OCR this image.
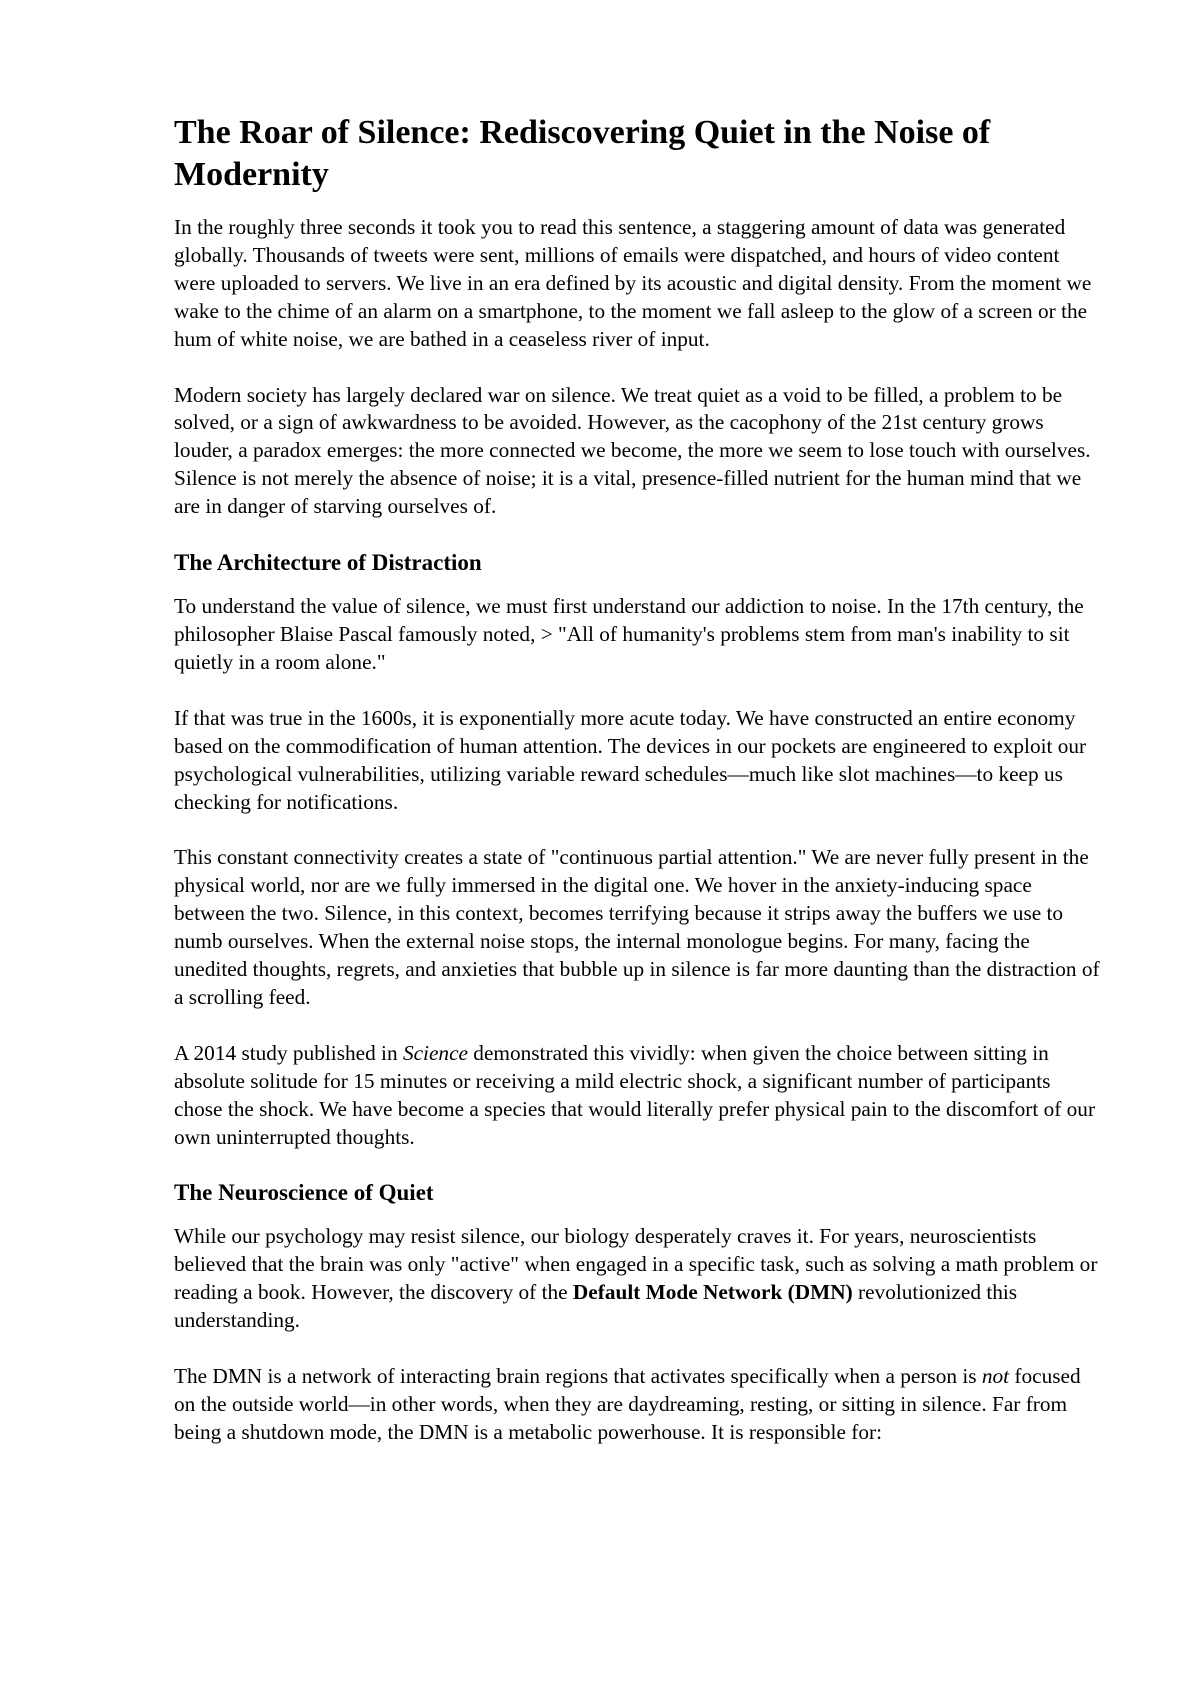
The Roar of Silence: Rediscovering Quiet in the Noise of Modernity

In the roughly three seconds it took you to read this sentence, a staggering amount of data was generated globally. Thousands of tweets were sent, millions of emails were dispatched, and hours of video content were uploaded to servers. We live in an era defined by its acoustic and digital density. From the moment we wake to the chime of an alarm on a smartphone, to the moment we fall asleep to the glow of a screen or the hum of white noise, we are bathed in a ceaseless river of input.

Modern society has largely declared war on silence. We treat quiet as a void to be filled, a problem to be solved, or a sign of awkwardness to be avoided. However, as the cacophony of the 21st century grows louder, a paradox emerges: the more connected we become, the more we seem to lose touch with ourselves. Silence is not merely the absence of noise; it is a vital, presence-filled nutrient for the human mind that we are in danger of starving ourselves of.

The Architecture of Distraction

To understand the value of silence, we must first understand our addiction to noise. In the 17th century, the philosopher Blaise Pascal famously noted, > "All of humanity's problems stem from man's inability to sit quietly in a room alone."

If that was true in the 1600s, it is exponentially more acute today. We have constructed an entire economy based on the commodification of human attention. The devices in our pockets are engineered to exploit our psychological vulnerabilities, utilizing variable reward schedules—much like slot machines—to keep us checking for notifications.

This constant connectivity creates a state of "continuous partial attention." We are never fully present in the physical world, nor are we fully immersed in the digital one. We hover in the anxiety-inducing space between the two. Silence, in this context, becomes terrifying because it strips away the buffers we use to numb ourselves. When the external noise stops, the internal monologue begins. For many, facing the unedited thoughts, regrets, and anxieties that bubble up in silence is far more daunting than the distraction of a scrolling feed.

A 2014 study published in Science demonstrated this vividly: when given the choice between sitting in absolute solitude for 15 minutes or receiving a mild electric shock, a significant number of participants chose the shock. We have become a species that would literally prefer physical pain to the discomfort of our own uninterrupted thoughts.

The Neuroscience of Quiet

While our psychology may resist silence, our biology desperately craves it. For years, neuroscientists believed that the brain was only "active" when engaged in a specific task, such as solving a math problem or reading a book. However, the discovery of the Default Mode Network (DMN) revolutionized this understanding.

The DMN is a network of interacting brain regions that activates specifically when a person is not focused on the outside world—in other words, when they are daydreaming, resting, or sitting in silence. Far from being a shutdown mode, the DMN is a metabolic powerhouse. It is responsible for:
